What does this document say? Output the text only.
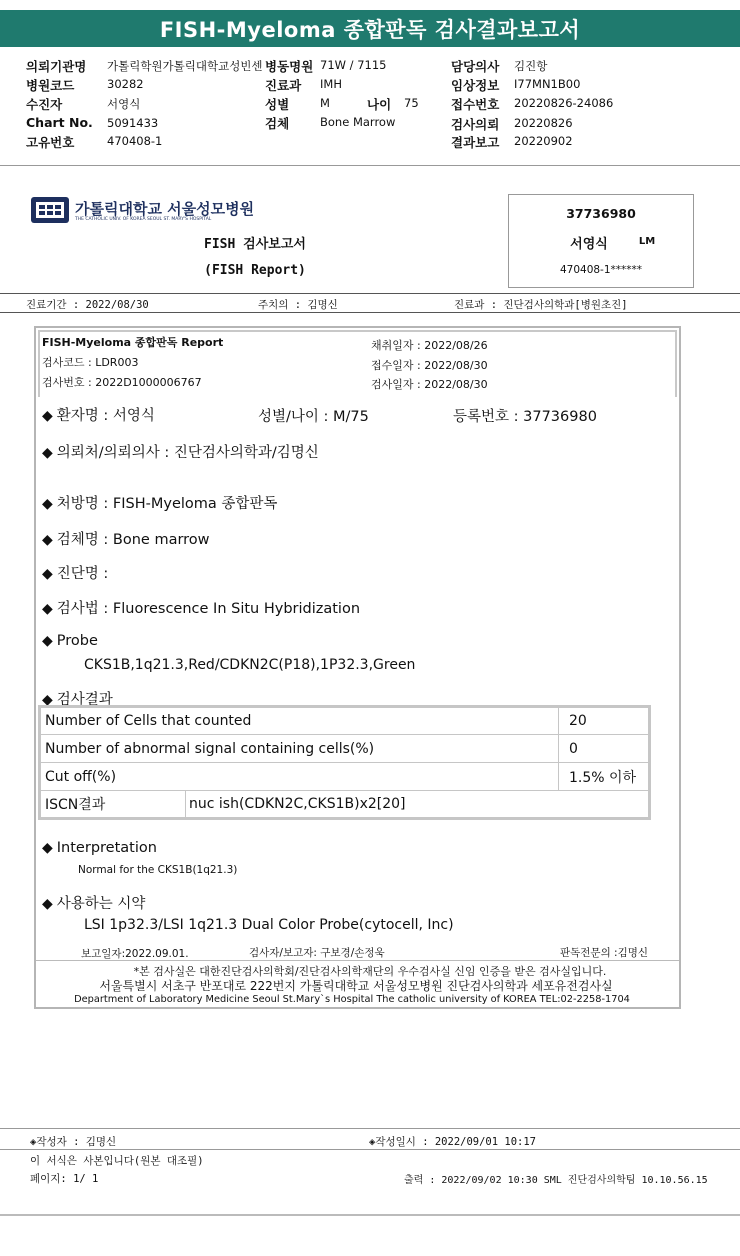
FISH-Myeloma 종합판독 검사결과보고서
의뢰기관명 가톨릭학원가톨릭대학교성빈센 병동명원 71W / 7115	담당의사 김진항
병원코드	30282	진료과 IMH	임상정보 I77MN1B00
수진자	서영식	성별	M	나이 75	접수번호 20220826-24086
Chart No. 5091433	검체	Bone Marrow	검사의뢰 20220826
고유번호	470408-1	결과보고 20220902
가톨릭대학교 서울성모병원
THE CATHOLIC UNIV. OF KOREA SEOUL ST. MARY'S HOSPITAL
FISH 검사보고서
(FISH Report)
37736980
서영식	LM
470408-1******
진료기간 : 2022/08/30	주치의 : 김명신	진료과 : 진단검사의학과[병원초진]
FISH-Myeloma 종합판독 Report
검사코드 : LDR003
검사번호 : 2022D1000006767
채취일자 : 2022/08/26
접수일자 : 2022/08/30
검사일자 : 2022/08/30
◆ 환자명 : 서영식	성별/나이 : M/75	등록번호 : 37736980
◆ 의뢰처/의뢰의사 : 진단검사의학과/김명신
◆ 처방명 : FISH-Myeloma 종합판독
◆ 검체명 : Bone marrow
◆ 진단명 :
◆ 검사법 : Fluorescence In Situ Hybridization
◆ Probe
CKS1B,1q21.3,Red/CDKN2C(P18),1P32.3,Green
◆ 검사결과
Number of Cells that counted		20
Number of abnormal signal containing cells(%)		0
Cut off(%)		1.5% 이하
ISCN결과	nuc ish(CDKN2C,CKS1B)x2[20]	
◆ Interpretation
Normal for the CKS1B(1q21.3)
◆ 사용하는 시약
LSI 1p32.3/LSI 1q21.3 Dual Color Probe(cytocell, Inc)
보고일자:2022.09.01.	검사자/보고자: 구보경/손정욱	판독전문의 :김명신
*본 검사실은 대한진단검사의학회/진단검사의학재단의 우수검사실 신임 인증을 받은 검사실입니다.
서울특별시 서초구 반포대로 222번지 가톨릭대학교 서울성모병원 진단검사의학과 세포유전검사실
Department of Laboratory Medicine Seoul St.Mary`s Hospital The catholic university of KOREA TEL:02-2258-1704
◈작성자 : 김명신	◈작성일시 : 2022/09/01 10:17
이 서식은 사본입니다(원본 대조필)
페이지: 1/ 1	출력 : 2022/09/02 10:30 SML 진단검사의학팀 10.10.56.15
